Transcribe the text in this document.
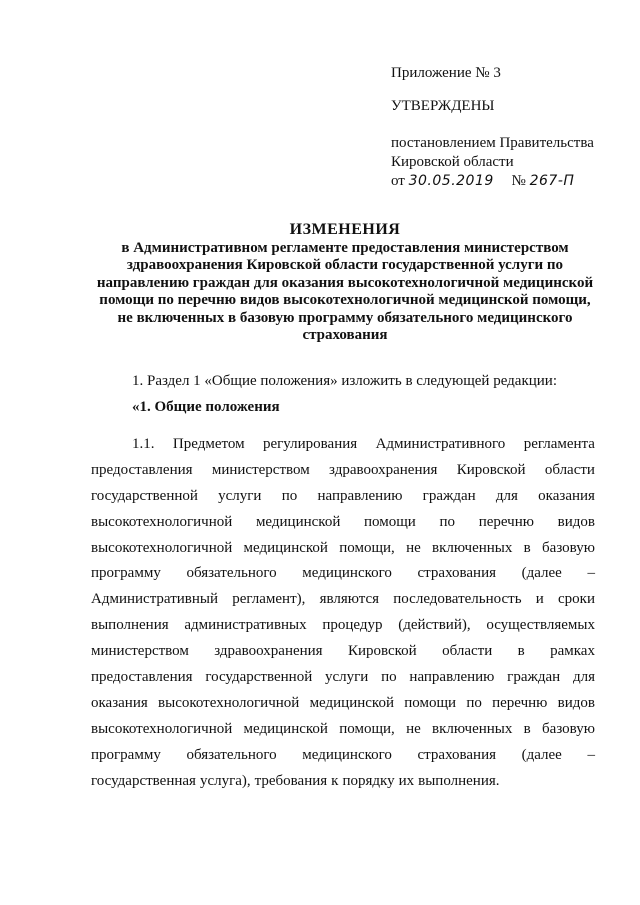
Приложение № 3

УТВЕРЖДЕНЫ

постановлением Правительства

Кировской области

от 30.05.2019 № 267-П

ИЗМЕНЕНИЯ
в Административном регламенте предоставления министерством
здравоохранения Кировской области государственной услуги по
направлению граждан для оказания высокотехнологичной медицинской
помощи по перечню видов высокотехнологичной медицинской помощи,
не включенных в базовую программу обязательного медицинского
страхования
1. Раздел 1 «Общие положения» изложить в следующей редакции:
«1. Общие положения
1.1. Предметом регулирования Административного регламента
предоставления министерством здравоохранения Кировской области
государственной услуги по направлению граждан для оказания
высокотехнологичной медицинской помощи по перечню видов
высокотехнологичной медицинской помощи, не включенных в базовую
программу обязательного медицинского страхования (далее –
Административный регламент), являются последовательность и сроки
выполнения административных процедур (действий), осуществляемых
министерством здравоохранения Кировской области в рамках
предоставления государственной услуги по направлению граждан для
оказания высокотехнологичной медицинской помощи по перечню видов
высокотехнологичной медицинской помощи, не включенных в базовую
программу обязательного медицинского страхования (далее –
государственная услуга), требования к порядку их выполнения.
